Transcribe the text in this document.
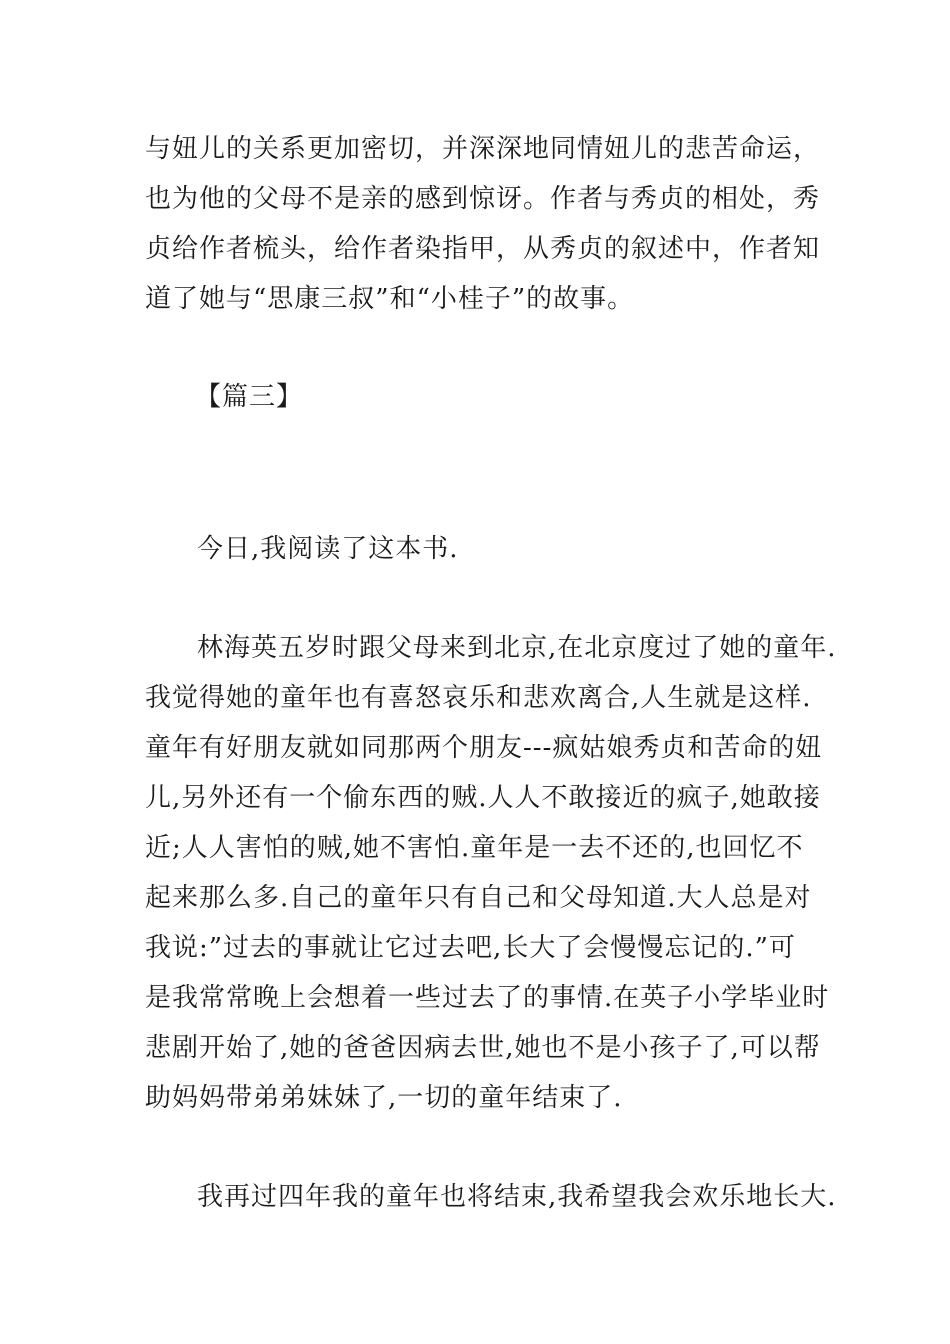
与妞儿的关系更加密切，并深深地同情妞儿的悲苦命运，
也为他的父母不是亲的感到惊讶。作者与秀贞的相处，秀
贞给作者梳头，给作者染指甲，从秀贞的叙述中，作者知
道了她与“思康三叔”和“小桂子”的故事。
【篇三】
今日,我阅读了这本书.
林海英五岁时跟父母来到北京,在北京度过了她的童年.
我觉得她的童年也有喜怒哀乐和悲欢离合,人生就是这样.
童年有好朋友就如同那两个朋友---疯姑娘秀贞和苦命的妞
儿,另外还有一个偷东西的贼.人人不敢接近的疯子,她敢接
近;人人害怕的贼,她不害怕.童年是一去不还的,也回忆不
起来那么多.自己的童年只有自己和父母知道.大人总是对
我说:”过去的事就让它过去吧,长大了会慢慢忘记的.”可
是我常常晚上会想着一些过去了的事情.在英子小学毕业时
悲剧开始了,她的爸爸因病去世,她也不是小孩子了,可以帮
助妈妈带弟弟妹妹了,一切的童年结束了.
我再过四年我的童年也将结束,我希望我会欢乐地长大.
